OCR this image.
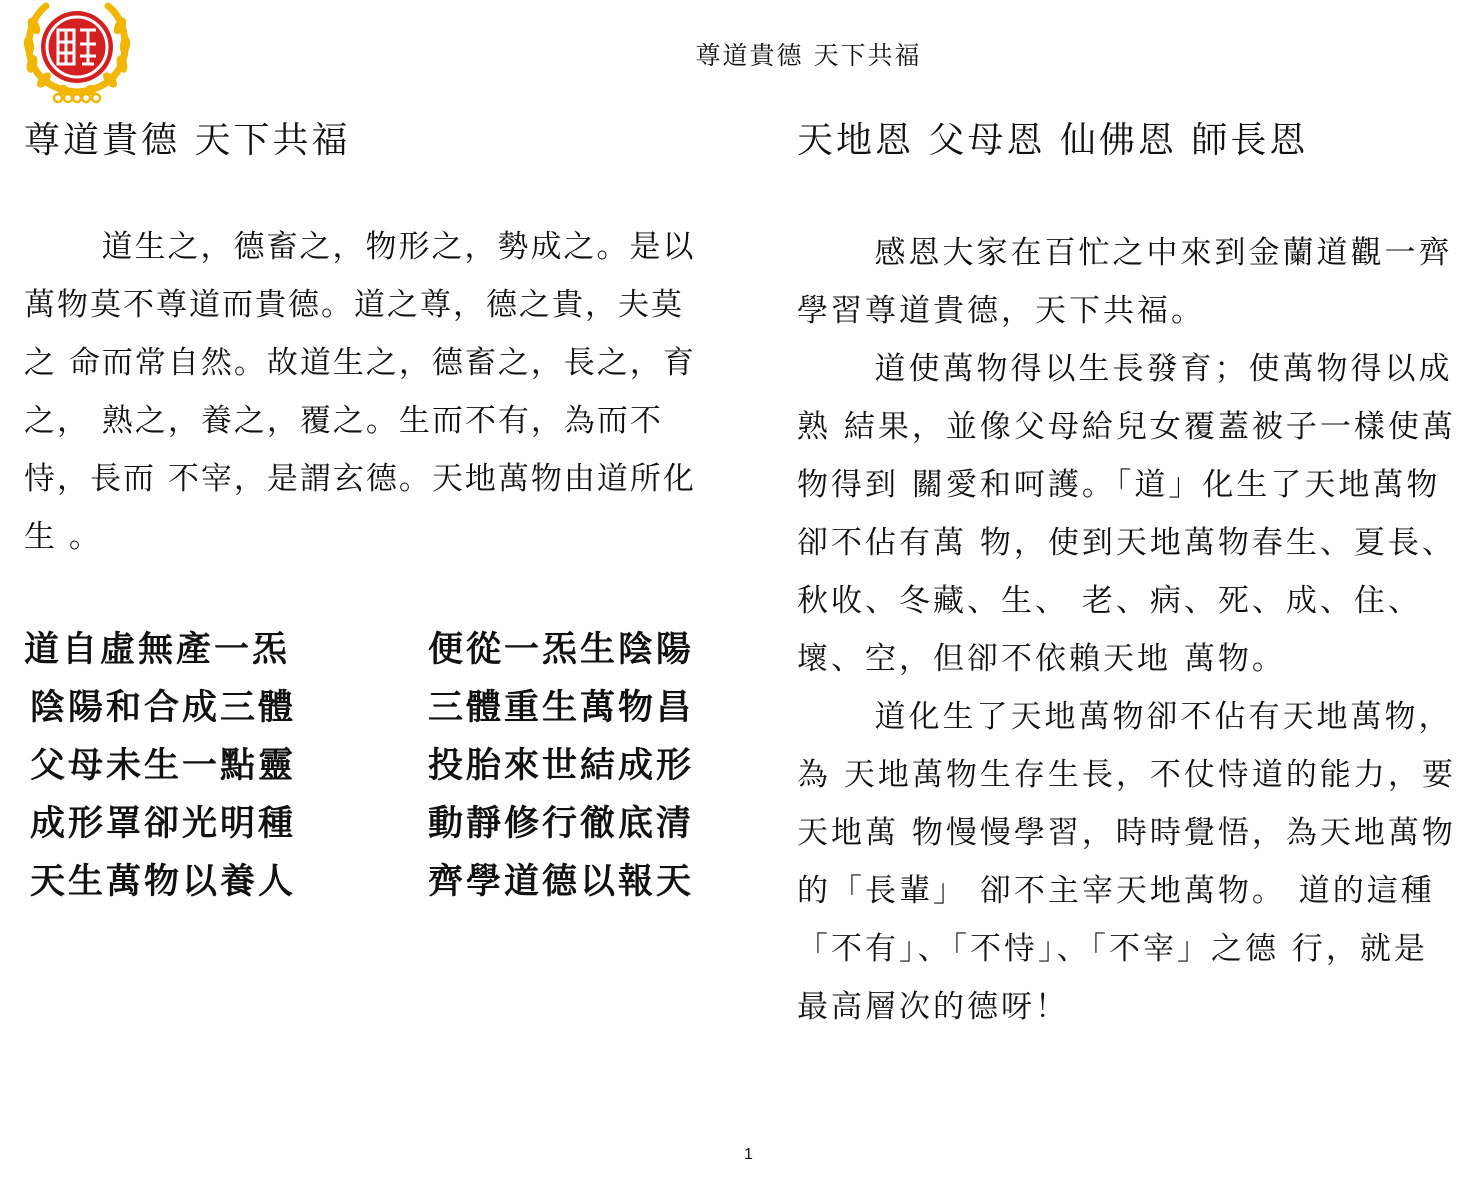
尊道貴德 天下共福
尊道貴德 天下共福	天地恩 父母恩 仙佛恩 師長恩

道生之，德畜之，物形之，勢成之。是以 萬物莫不尊道而貴德。道之尊，德之貴，夫莫之 命而常自然。故道生之，德畜之，長之，育之， 熟之，養之，覆之。生而不有，為而不恃，長而 不宰，是謂玄德。天地萬物由道所化生 。

道自虛無產一炁	便從一炁生陰陽
陰陽和合成三體	三體重生萬物昌
父母未生一點靈	投胎來世結成形
成形罩卻光明種	動靜修行徹底清
天生萬物以養人	齊學道德以報天

感恩大家在百忙之中來到金蘭道觀一齊 學習尊道貴德，天下共福。

道使萬物得以生長發育；使萬物得以成熟 結果，並像父母給兒女覆蓋被子一樣使萬物得到 關愛和呵護。「道」化生了天地萬物卻不佔有萬 物，使到天地萬物春生、夏長、秋收、冬藏、生、 老、病、死、成、住、壞、空，但卻不依賴天地 萬物。

道化生了天地萬物卻不佔有天地萬物，為 天地萬物生存生長，不仗恃道的能力，要天地萬 物慢慢學習，時時覺悟，為天地萬物的「長輩」 卻不主宰天地萬物。 道的這種「不有」、「不恃」、「不宰」之德 行，就是最高層次的德呀！

1
